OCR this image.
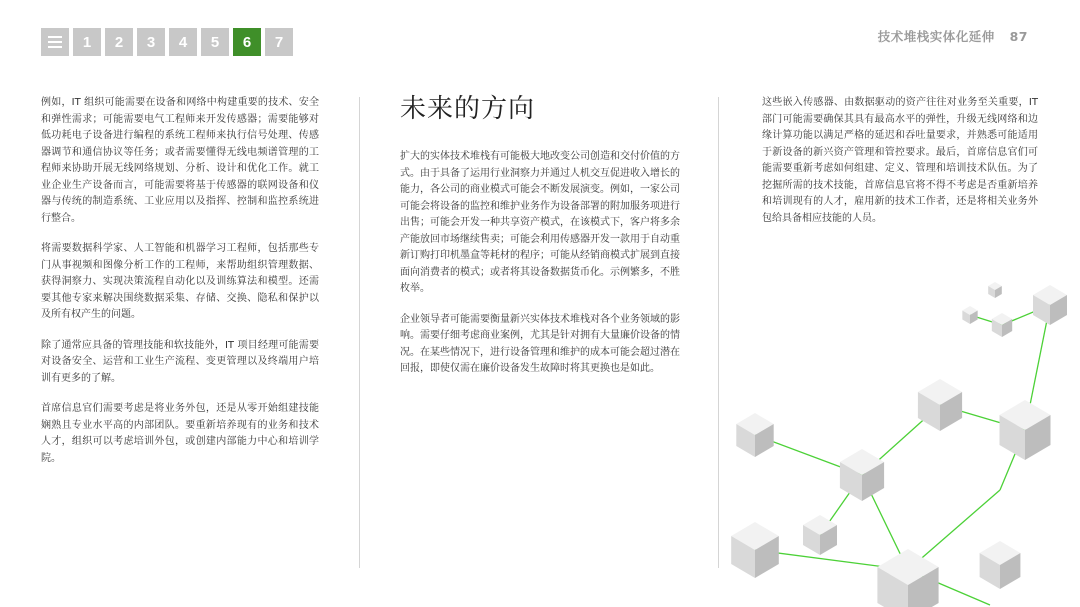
1	2	3	4	5	6	7	技术堆栈实体化延伸 87

例如，IT 组织可能需要在设备和网络中构建重要的技术、安全和弹性需求；可能需要电气工程师来开发传感器；需要能够对低功耗电子设备进行编程的系统工程师来执行信号处理、传感器调节和通信协议等任务；或者需要懂得无线电频谱管理的工程师来协助开展无线网络规划、分析、设计和优化工作。就工业企业生产设备而言，可能需要将基于传感器的联网设备和仪器与传统的制造系统、工业应用以及指挥、控制和监控系统进行整合。

将需要数据科学家、人工智能和机器学习工程师，包括那些专门从事视频和图像分析工作的工程师，来帮助组织管理数据、获得洞察力、实现决策流程自动化以及训练算法和模型。还需要其他专家来解决围绕数据采集、存储、交换、隐私和保护以及所有权产生的问题。

除了通常应具备的管理技能和软技能外，IT 项目经理可能需要对设备安全、运营和工业生产流程、变更管理以及终端用户培训有更多的了解。

首席信息官们需要考虑是将业务外包，还是从零开始组建技能娴熟且专业水平高的内部团队。要重新培养现有的业务和技术人才，组织可以考虑培训外包，或创建内部能力中心和培训学院。

未来的方向

扩大的实体技术堆栈有可能极大地改变公司创造和交付价值的方式。由于具备了运用行业洞察力并通过人机交互促进收入增长的能力，各公司的商业模式可能会不断发展演变。例如，一家公司可能会将设备的监控和维护业务作为设备部署的附加服务项进行出售；可能会开发一种共享资产模式，在该模式下，客户将多余产能放回市场继续售卖；可能会利用传感器开发一款用于自动重新订购打印机墨盒等耗材的程序；可能从经销商模式扩展到直接面向消费者的模式；或者将其设备数据货币化。示例繁多，不胜枚举。

企业领导者可能需要衡量新兴实体技术堆栈对各个业务领域的影响。需要仔细考虑商业案例，尤其是针对拥有大量廉价设备的情况。在某些情况下，进行设备管理和维护的成本可能会超过潜在回报，即使仅需在廉价设备发生故障时将其更换也是如此。

这些嵌入传感器、由数据驱动的资产往往对业务至关重要，IT 部门可能需要确保其具有最高水平的弹性，升级无线网络和边缘计算功能以满足严格的延迟和吞吐量要求，并熟悉可能适用于新设备的新兴资产管理和管控要求。最后，首席信息官们可能需要重新考虑如何组建、定义、管理和培训技术队伍。为了挖掘所需的技术技能，首席信息官将不得不考虑是否重新培养和培训现有的人才，雇用新的技术工作者，还是将相关业务外包给具备相应技能的人员。
